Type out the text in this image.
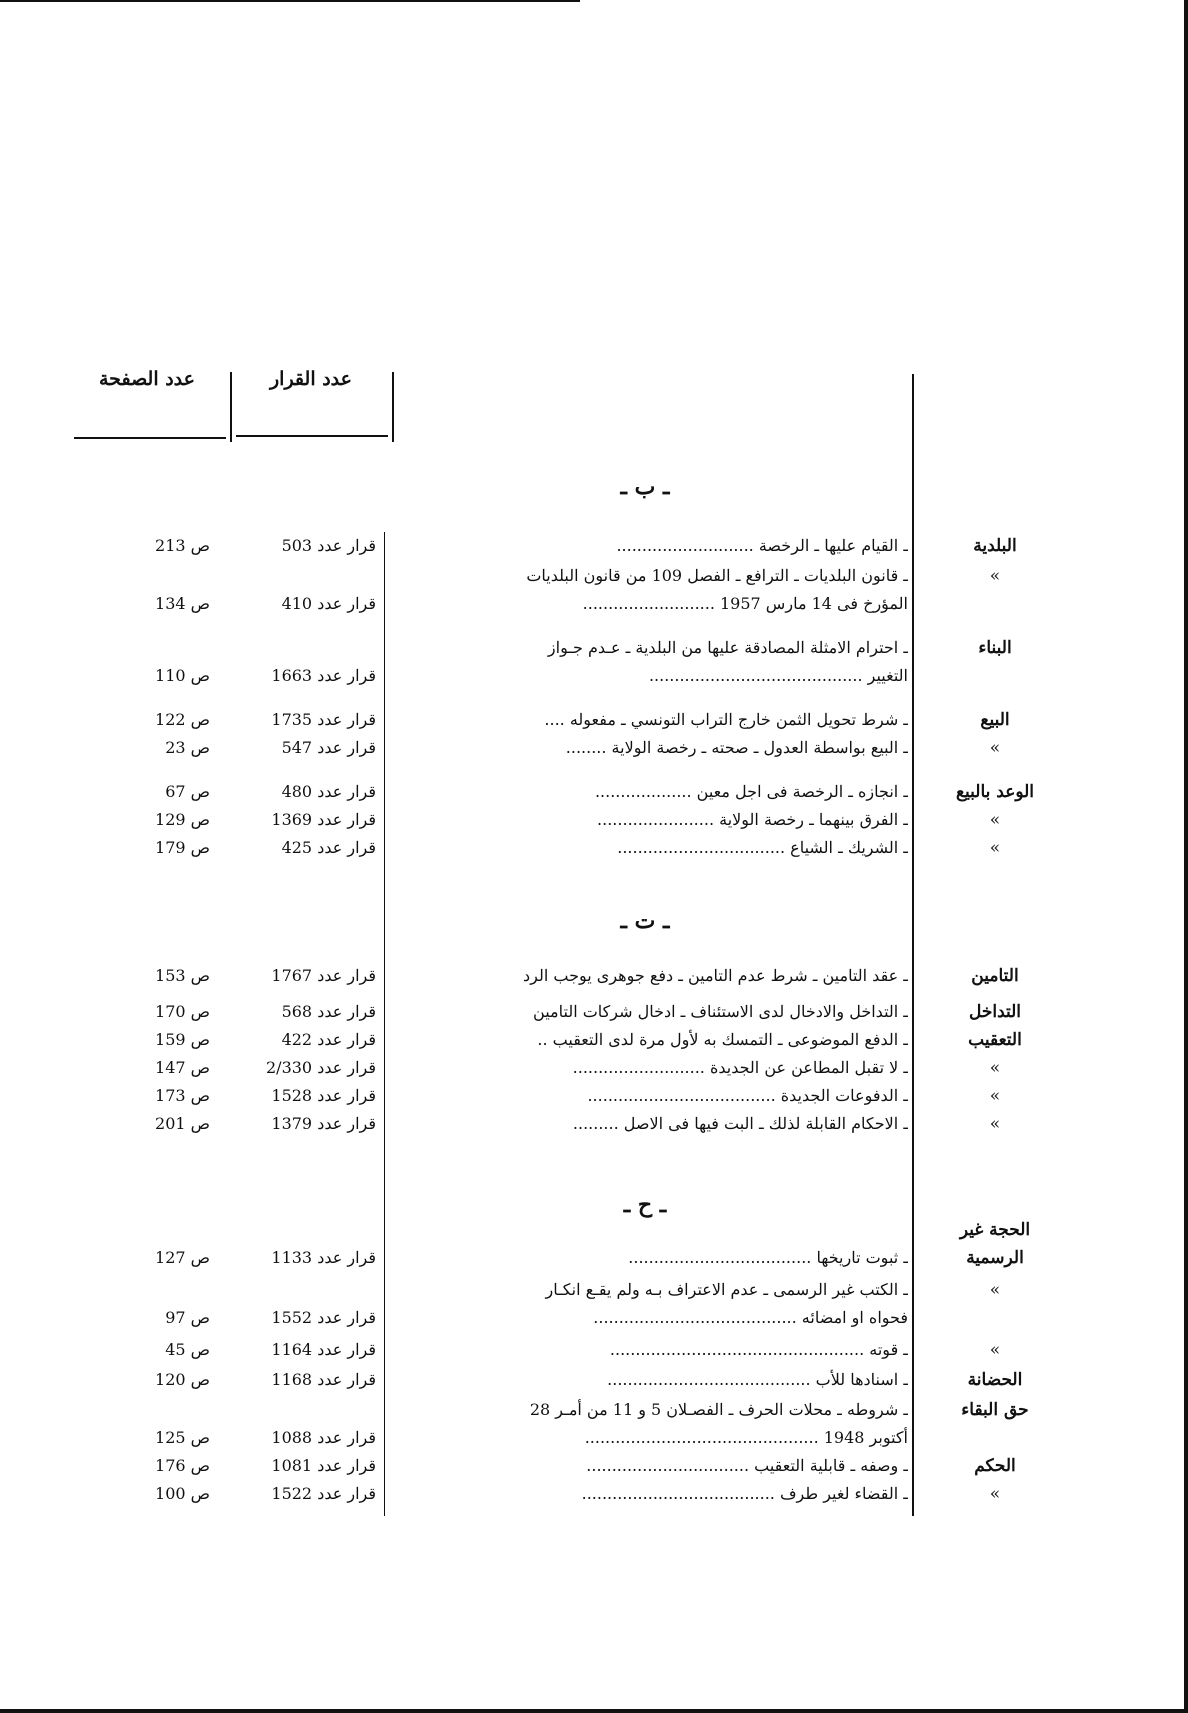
عدد الصفحة	عدد القرار
ـ ب ـ
ـ ت ـ
ـ ح ـ
البلدية
ـ القيام عليها ـ الرخصة ...........................
قرار عدد 503
ص 213
»
ـ قانون البلديات ـ الترافع ـ الفصل 109 من قانون البلديات
المؤرخ فى 14 مارس 1957 ..........................
قرار عدد 410
ص 134
البناء
ـ احترام الامثلة المصادقة عليها من البلدية ـ عـدم جـواز
التغيير ..........................................
قرار عدد 1663
ص 110
البيع
ـ شرط تحويل الثمن خارج التراب التونسي ـ مفعوله ....
قرار عدد 1735
ص 122
»
ـ البيع بواسطة العدول ـ صحته ـ رخصة الولاية ........
قرار عدد 547
ص 23
الوعد بالبيع
ـ انجازه ـ الرخصة فى اجل معين ...................
قرار عدد 480
ص 67
»
ـ الفرق بينهما ـ رخصة الولاية .......................
قرار عدد 1369
ص 129
»
ـ الشريك ـ الشياع .................................
قرار عدد 425
ص 179
التامين
ـ عقد التامين ـ شرط عدم التامين ـ دفع جوهرى يوجب الرد
قرار عدد 1767
ص 153
التداخل
ـ التداخل والادخال لدى الاستئناف ـ ادخال شركات التامين
قرار عدد 568
ص 170
التعقيب
ـ الدفع الموضوعى ـ التمسك به لأول مرة لدى التعقيب ..
قرار عدد 422
ص 159
»
ـ لا تقبل المطاعن عن الجديدة ..........................
قرار عدد 2/330
ص 147
»
ـ الدفوعات الجديدة .....................................
قرار عدد 1528
ص 173
»
ـ الاحكام القابلة لذلك ـ البت فيها فى الاصل .........
قرار عدد 1379
ص 201
الحجة غير
الرسمية
ـ ثبوت تاريخها ....................................
قرار عدد 1133
ص 127
»
ـ الكتب غير الرسمى ـ عدم الاعتراف بـه ولم يقـع انكـار
فحواه او امضائه ........................................
قرار عدد 1552
ص 97
»
ـ قوته ..................................................
قرار عدد 1164
ص 45
الحضانة
ـ اسنادها للأب ........................................
قرار عدد 1168
ص 120
حق البقاء
ـ شروطه ـ محلات الحرف ـ الفصـلان 5 و 11 من أمـر 28
أكتوبر 1948 ..............................................
قرار عدد 1088
ص 125
الحكم
ـ وصفه ـ قابلية التعقيب ................................
قرار عدد 1081
ص 176
»
ـ القضاء لغير طرف ......................................
قرار عدد 1522
ص 100
